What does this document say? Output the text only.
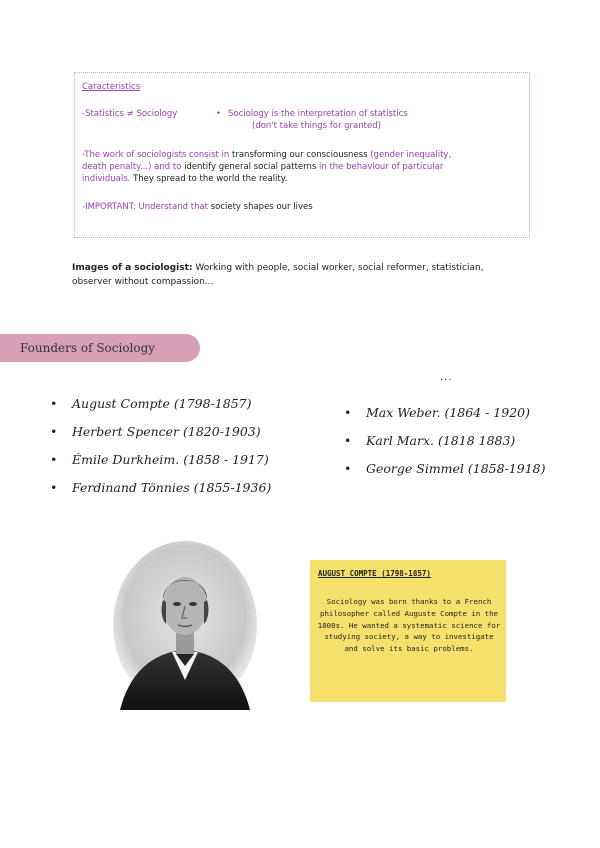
Caracteristics
-Statistics ≠ Sociology	• Sociology is the interpretation of statistics
(don't take things for granted)
-The work of sociologists consist in transforming our consciousness (gender inequality,
death penalty...) and to identify general social patterns in the behaviour of particular
individuals. They spread to the world the reality.
-IMPORTANT: Understand that society shapes our lives
Images of a sociologist: Working with people, social worker, social reformer, statistician,
observer without compassion...
Founders of Sociology
...
• August Compte (1798-1857)
• Herbert Spencer (1820-1903)
• Émile Durkheim. (1858 - 1917)
• Ferdinand Tönnies (1855-1936)
• Max Weber. (1864 - 1920)
• Karl Marx. (1818 1883)
• George Simmel (1858-1918)
AUGUST COMPTE (1798-1857)
Sociology was born thanks to a French philosopher called Auguste Compte in the 1800s. He wanted a systematic science for studying society, a way to investigate and solve its basic problems.
